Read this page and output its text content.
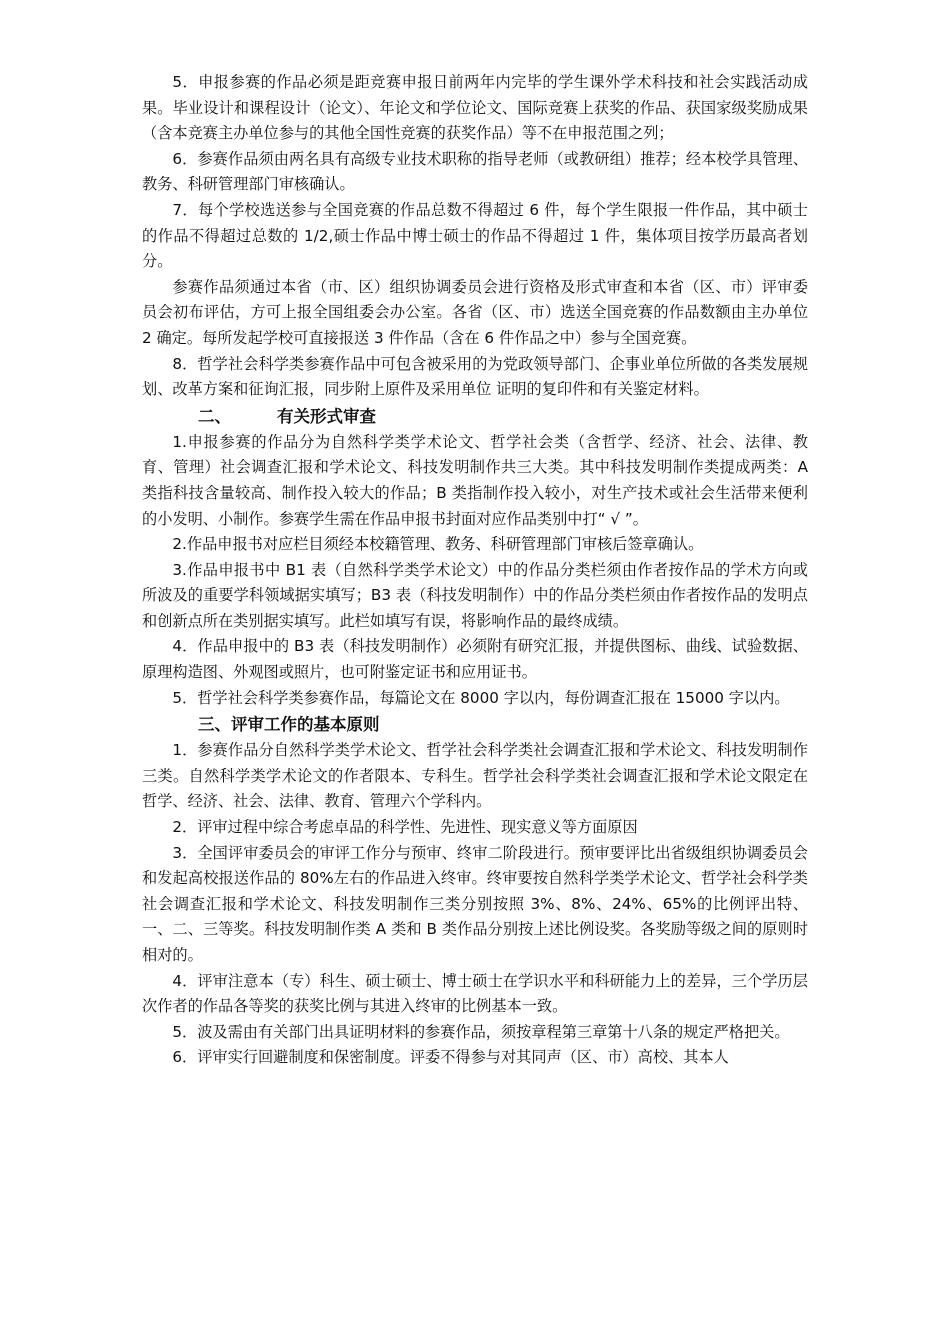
5．申报参赛的作品必须是距竞赛申报日前两年内完毕的学生课外学术科技和社会实践活动成果。毕业设计和课程设计（论文）、年论文和学位论文、国际竞赛上获奖的作品、获国家级奖励成果（含本竞赛主办单位参与的其他全国性竞赛的获奖作品）等不在申报范围之列；

6．参赛作品须由两名具有高级专业技术职称的指导老师（或教研组）推荐；经本校学具管理、教务、科研管理部门审核确认。

7．每个学校选送参与全国竞赛的作品总数不得超过 6 件，每个学生限报一件作品，其中硕士的作品不得超过总数的 1/2,硕士作品中博士硕士的作品不得超过 1 件，集体项目按学历最高者划分。

参赛作品须通过本省（市、区）组织协调委员会进行资格及形式审查和本省（区、市）评审委员会初布评估，方可上报全国组委会办公室。各省（区、市）选送全国竞赛的作品数额由主办单位 2 确定。每所发起学校可直接报送 3 件作品（含在 6 件作品之中）参与全国竞赛。

8．哲学社会科学类参赛作品中可包含被采用的为党政领导部门、企事业单位所做的各类发展规划、改革方案和征询汇报，同步附上原件及采用单位 证明的复印件和有关鉴定材料。

二、	有关形式审查

1.申报参赛的作品分为自然科学类学术论文、哲学社会类（含哲学、经济、社会、法律、教育、管理）社会调查汇报和学术论文、科技发明制作共三大类。其中科技发明制作类提成两类：A 类指科技含量较高、制作投入较大的作品；B 类指制作投入较小，对生产技术或社会生活带来便利的小发明、小制作。参赛学生需在作品申报书封面对应作品类别中打“ √ ”。

2.作品申报书对应栏目须经本校籍管理、教务、科研管理部门审核后签章确认。

3.作品申报书中 B1 表（自然科学类学术论文）中的作品分类栏须由作者按作品的学术方向或所波及的重要学科领域据实填写；B3 表（科技发明制作）中的作品分类栏须由作者按作品的发明点和创新点所在类别据实填写。此栏如填写有误，将影响作品的最终成绩。

4．作品申报中的 B3 表（科技发明制作）必须附有研究汇报，并提供图标、曲线、试验数据、原理构造图、外观图或照片，也可附鉴定证书和应用证书。

5．哲学社会科学类参赛作品，每篇论文在 8000 字以内，每份调查汇报在 15000 字以内。

三、评审工作的基本原则

1．参赛作品分自然科学类学术论文、哲学社会科学类社会调查汇报和学术论文、科技发明制作三类。自然科学类学术论文的作者限本、专科生。哲学社会科学类社会调查汇报和学术论文限定在哲学、经济、社会、法律、教育、管理六个学科内。

2．评审过程中综合考虑卓品的科学性、先进性、现实意义等方面原因

3．全国评审委员会的审评工作分与预审、终审二阶段进行。预审要评比出省级组织协调委员会和发起高校报送作品的 80%左右的作品进入终审。终审要按自然科学类学术论文、哲学社会科学类社会调查汇报和学术论文、科技发明制作三类分别按照 3%、8%、24%、65%的比例评出特、一、二、三等奖。科技发明制作类 A 类和 B 类作品分别按上述比例设奖。各奖励等级之间的原则时相对的。

4．评审注意本（专）科生、硕士硕士、博士硕士在学识水平和科研能力上的差异，三个学历层次作者的作品各等奖的获奖比例与其进入终审的比例基本一致。

5．波及需由有关部门出具证明材料的参赛作品，须按章程第三章第十八条的规定严格把关。

6．评审实行回避制度和保密制度。评委不得参与对其同声（区、市）高校、其本人
